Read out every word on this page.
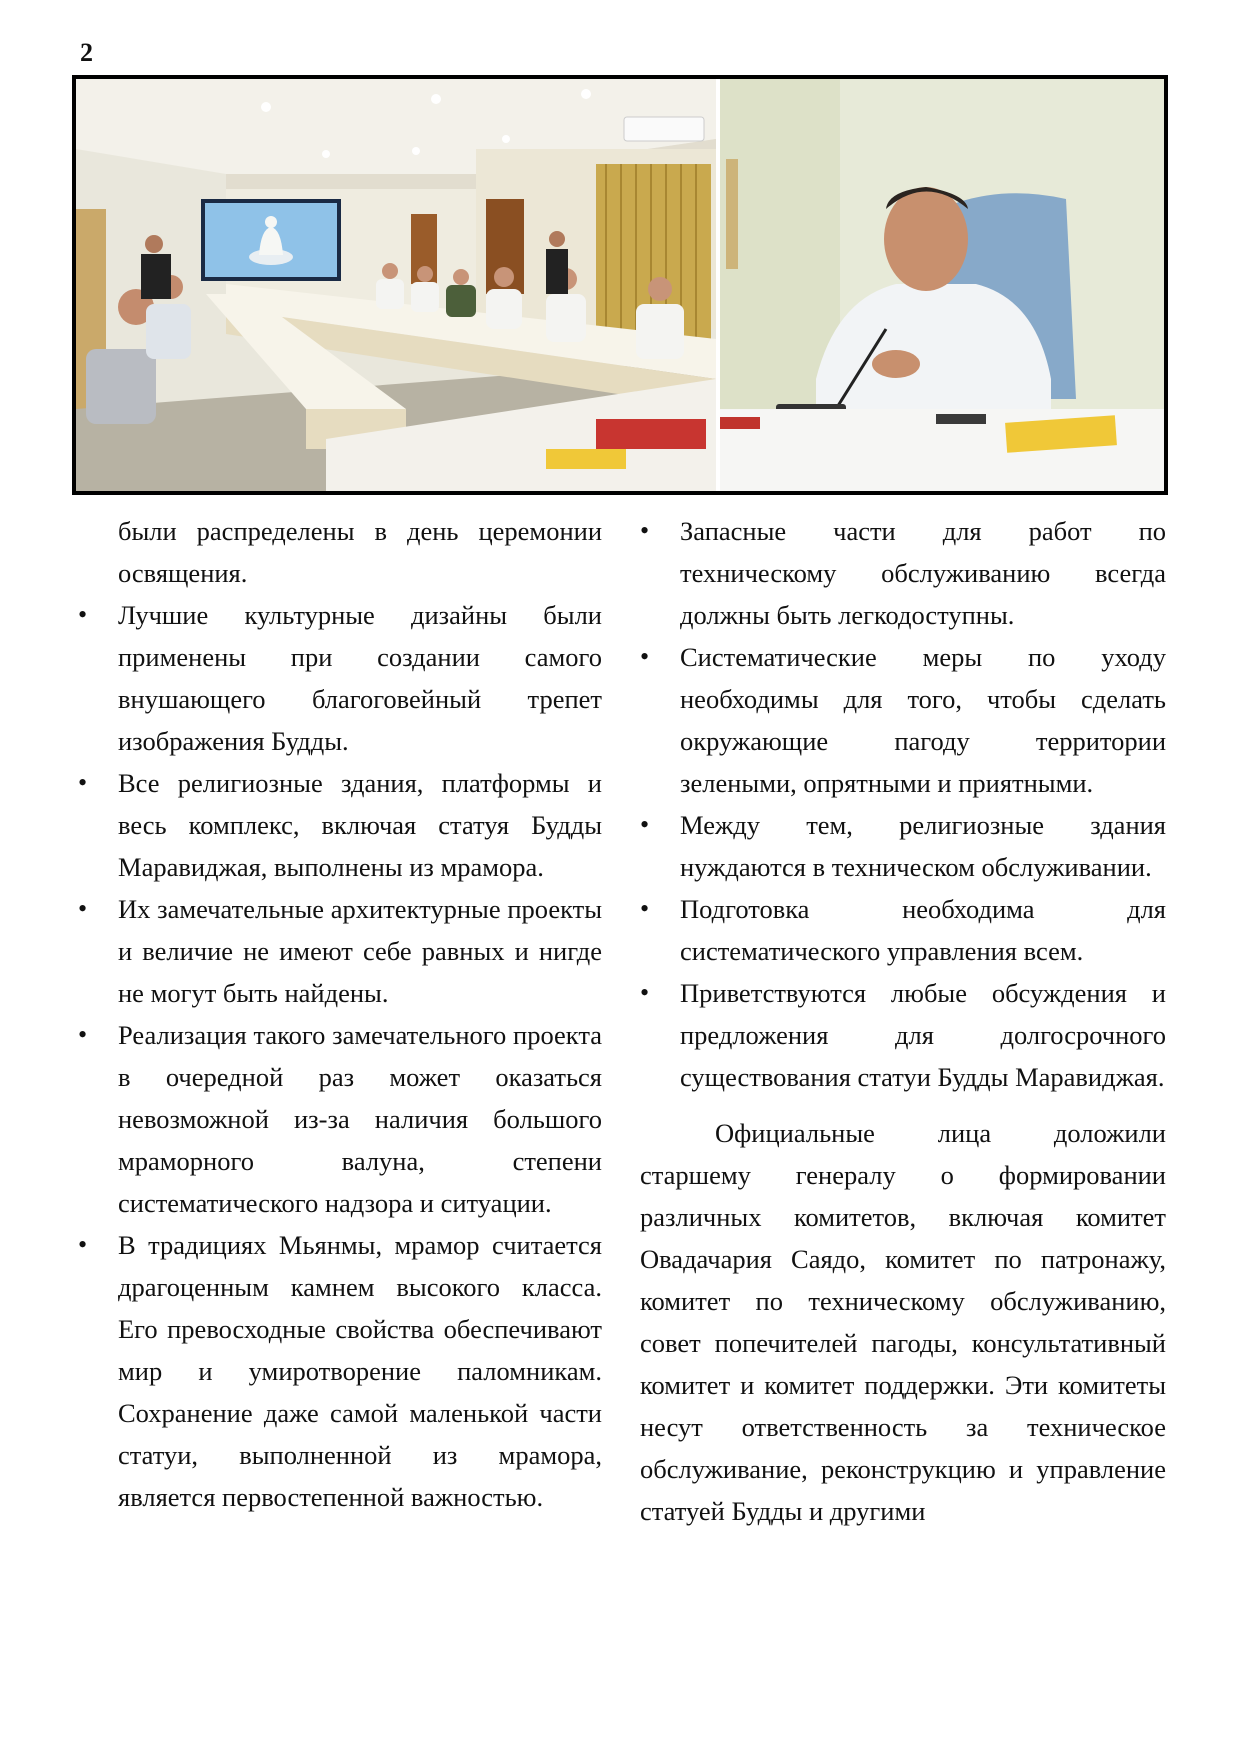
2

были распределены в день церемонии освящения.

• Лучшие культурные дизайны были применены при создании самого внушающего благоговейный трепет изображения Будды.
• Все религиозные здания, платформы и весь комплекс, включая статуя Будды Маравиджая, выполнены из мрамора.
• Их замечательные архитектурные проекты и величие не имеют себе равных и нигде не могут быть найдены.
• Реализация такого замечательного проекта в очередной раз может оказаться невозможной из-за наличия большого мраморного валуна, степени систематического надзора и ситуации.
• В традициях Мьянмы, мрамор считается драгоценным камнем высокого класса. Его превосходные свойства обеспечивают мир и умиротворение паломникам. Сохранение даже самой маленькой части статуи, выполненной из мрамора, является первостепенной важностью.
• Запасные части для работ по техническому обслуживанию всегда должны быть легкодоступны.
• Систематические меры по уходу необходимы для того, чтобы сделать окружающие пагоду территории зелеными, опрятными и приятными.
• Между тем, религиозные здания нуждаются в техническом обслуживании.
• Подготовка необходима для систематического управления всем.
• Приветствуются любые обсуждения и предложения для долгосрочного существования статуи Будды Маравиджая.

Официальные лица доложили старшему генералу о формировании различных комитетов, включая комитет Овадачария Саядо, комитет по патронажу, комитет по техническому обслуживанию, совет попечителей пагоды, консультативный комитет и комитет поддержки. Эти комитеты несут ответственность за техническое обслуживание, реконструкцию и управление статуей Будды и другими
